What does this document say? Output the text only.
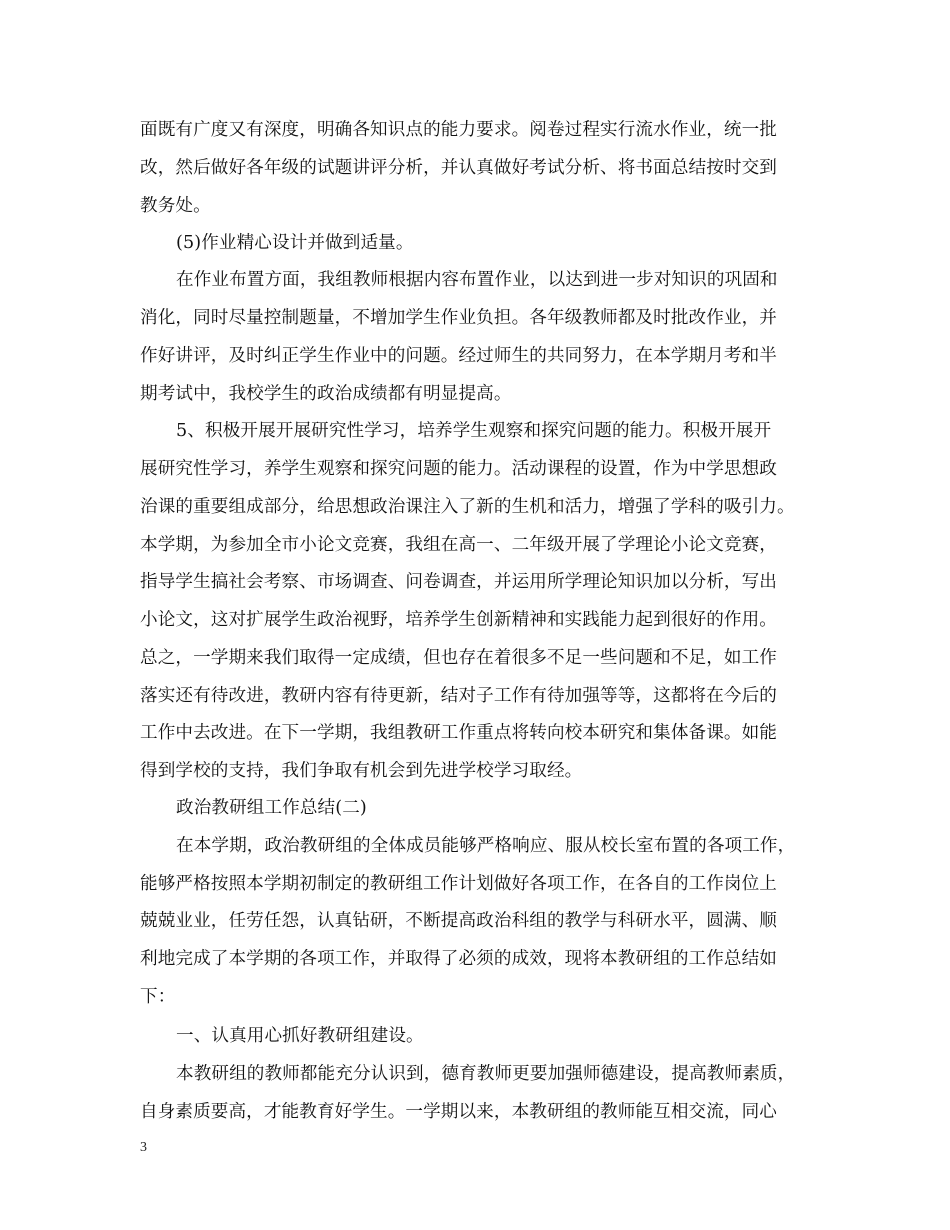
面既有广度又有深度，明确各知识点的能力要求。阅卷过程实行流水作业，统一批
改，然后做好各年级的试题讲评分析，并认真做好考试分析、将书面总结按时交到
教务处。
(5)作业精心设计并做到适量。
在作业布置方面，我组教师根据内容布置作业，以达到进一步对知识的巩固和
消化，同时尽量控制题量，不增加学生作业负担。各年级教师都及时批改作业，并
作好讲评，及时纠正学生作业中的问题。经过师生的共同努力，在本学期月考和半
期考试中，我校学生的政治成绩都有明显提高。
5、积极开展开展研究性学习，培养学生观察和探究问题的能力。积极开展开
展研究性学习，养学生观察和探究问题的能力。活动课程的设置，作为中学思想政
治课的重要组成部分，给思想政治课注入了新的生机和活力，增强了学科的吸引力。
本学期，为参加全市小论文竞赛，我组在高一、二年级开展了学理论小论文竞赛，
指导学生搞社会考察、市场调查、问卷调查，并运用所学理论知识加以分析，写出
小论文，这对扩展学生政治视野，培养学生创新精神和实践能力起到很好的作用。
总之，一学期来我们取得一定成绩，但也存在着很多不足一些问题和不足，如工作
落实还有待改进，教研内容有待更新，结对子工作有待加强等等，这都将在今后的
工作中去改进。在下一学期，我组教研工作重点将转向校本研究和集体备课。如能
得到学校的支持，我们争取有机会到先进学校学习取经。
政治教研组工作总结(二)
在本学期，政治教研组的全体成员能够严格响应、服从校长室布置的各项工作，
能够严格按照本学期初制定的教研组工作计划做好各项工作，在各自的工作岗位上
兢兢业业，任劳任怨，认真钻研，不断提高政治科组的教学与科研水平，圆满、顺
利地完成了本学期的各项工作，并取得了必须的成效，现将本教研组的工作总结如
下：
一、认真用心抓好教研组建设。
本教研组的教师都能充分认识到，德育教师更要加强师德建设，提高教师素质，
自身素质要高，才能教育好学生。一学期以来，本教研组的教师能互相交流，同心
3
